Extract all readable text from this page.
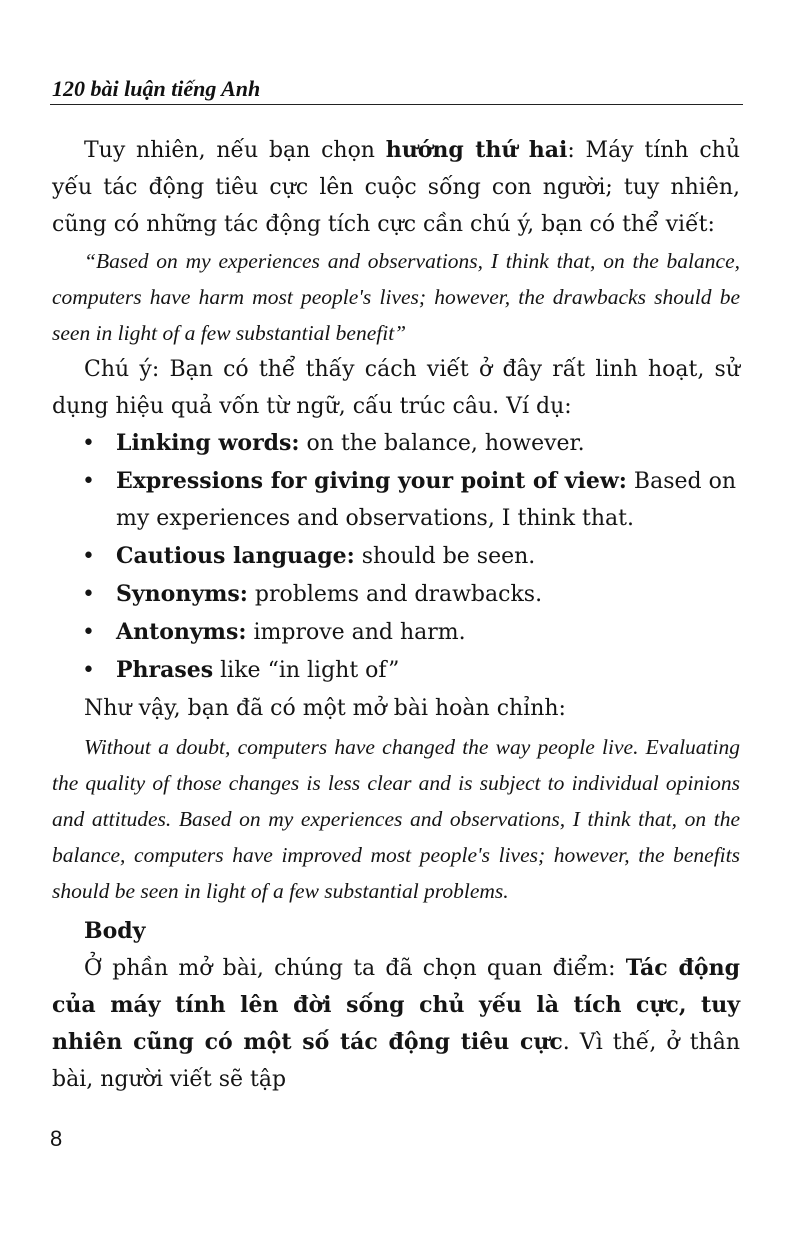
120 bài luận tiếng Anh

Tuy nhiên, nếu bạn chọn hướng thứ hai: Máy tính chủ yếu tác động tiêu cực lên cuộc sống con người; tuy nhiên, cũng có những tác động tích cực cần chú ý, bạn có thể viết:

“Based on my experiences and observations, I think that, on the balance, computers have harm most people's lives; however, the drawbacks should be seen in light of a few substantial benefit”

Chú ý: Bạn có thể thấy cách viết ở đây rất linh hoạt, sử dụng hiệu quả vốn từ ngữ, cấu trúc câu. Ví dụ:

• Linking words: on the balance, however.
• Expressions for giving your point of view: Based on my experiences and observations, I think that.
• Cautious language: should be seen.
• Synonyms: problems and drawbacks.
• Antonyms: improve and harm.
• Phrases like “in light of”

Như vậy, bạn đã có một mở bài hoàn chỉnh:

Without a doubt, computers have changed the way people live. Evaluating the quality of those changes is less clear and is subject to individual opinions and attitudes. Based on my experiences and observations, I think that, on the balance, computers have improved most people's lives; however, the benefits should be seen in light of a few substantial problems.

Body

Ở phần mở bài, chúng ta đã chọn quan điểm: Tác động của máy tính lên đời sống chủ yếu là tích cực, tuy nhiên cũng có một số tác động tiêu cực. Vì thế, ở thân bài, người viết sẽ tập

8
